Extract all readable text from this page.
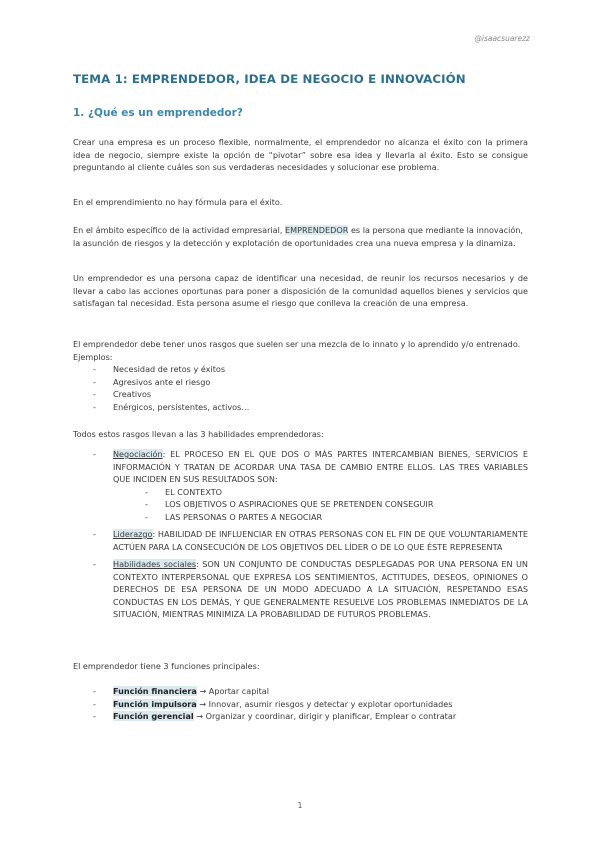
@isaacsuarezz
TEMA 1: EMPRENDEDOR, IDEA DE NEGOCIO E INNOVACIÓN
1. ¿Qué es un emprendedor?

Crear una empresa es un proceso flexible, normalmente, el emprendedor no alcanza el éxito con la primera idea de negocio, siempre existe la opción de “pivotar” sobre esa idea y llevarla al éxito. Esto se consigue preguntando al cliente cuáles son sus verdaderas necesidades y solucionar ese problema.

En el emprendimiento no hay fórmula para el éxito.

En el ámbito específico de la actividad empresarial, EMPRENDEDOR es la persona que mediante la innovación, la asunción de riesgos y la detección y explotación de oportunidades crea una nueva empresa y la dinamiza.

Un emprendedor es una persona capaz de identificar una necesidad, de reunir los recursos necesarios y de llevar a cabo las acciones oportunas para poner a disposición de la comunidad aquellos bienes y servicios que satisfagan tal necesidad. Esta persona asume el riesgo que conlleva la creación de una empresa.

El emprendedor debe tener unos rasgos que suelen ser una mezcla de lo innato y lo aprendido y/o entrenado. Ejemplos:

- Necesidad de retos y éxitos
- Agresivos ante el riesgo
- Creativos
- Enérgicos, persistentes, activos…

Todos estos rasgos llevan a las 3 habilidades emprendedoras:

- Negociación: EL PROCESO EN EL QUE DOS O MÁS PARTES INTERCAMBIAN BIENES, SERVICIOS E INFORMACIÓN Y TRATAN DE ACORDAR UNA TASA DE CAMBIO ENTRE ELLOS. LAS TRES VARIABLES QUE INCIDEN EN SUS RESULTADOS SON:
- EL CONTEXTO
- LOS OBJETIVOS O ASPIRACIONES QUE SE PRETENDEN CONSEGUIR
- LAS PERSONAS O PARTES A NEGOCIAR
- Liderazgo: HABILIDAD DE INFLUENCIAR EN OTRAS PERSONAS CON EL FIN DE QUE VOLUNTARIAMENTE ACTÚEN PARA LA CONSECUCIÓN DE LOS OBJETIVOS DEL LÍDER O DE LO QUE ÉSTE REPRESENTA
- Habilidades sociales: SON UN CONJUNTO DE CONDUCTAS DESPLEGADAS POR UNA PERSONA EN UN CONTEXTO INTERPERSONAL QUE EXPRESA LOS SENTIMIENTOS, ACTITUDES, DESEOS, OPINIONES O DERECHOS DE ESA PERSONA DE UN MODO ADECUADO A LA SITUACIÓN, RESPETANDO ESAS CONDUCTAS EN LOS DEMÁS, Y QUE GENERALMENTE RESUELVE LOS PROBLEMAS INMEDIATOS DE LA SITUACIÓN, MIENTRAS MINIMIZA LA PROBABILIDAD DE FUTUROS PROBLEMAS.

El emprendedor tiene 3 funciones principales:

- Función financiera → Aportar capital
- Función impulsora → Innovar, asumir riesgos y detectar y explotar oportunidades
- Función gerencial → Organizar y coordinar, dirigir y planificar, Emplear o contratar
1
